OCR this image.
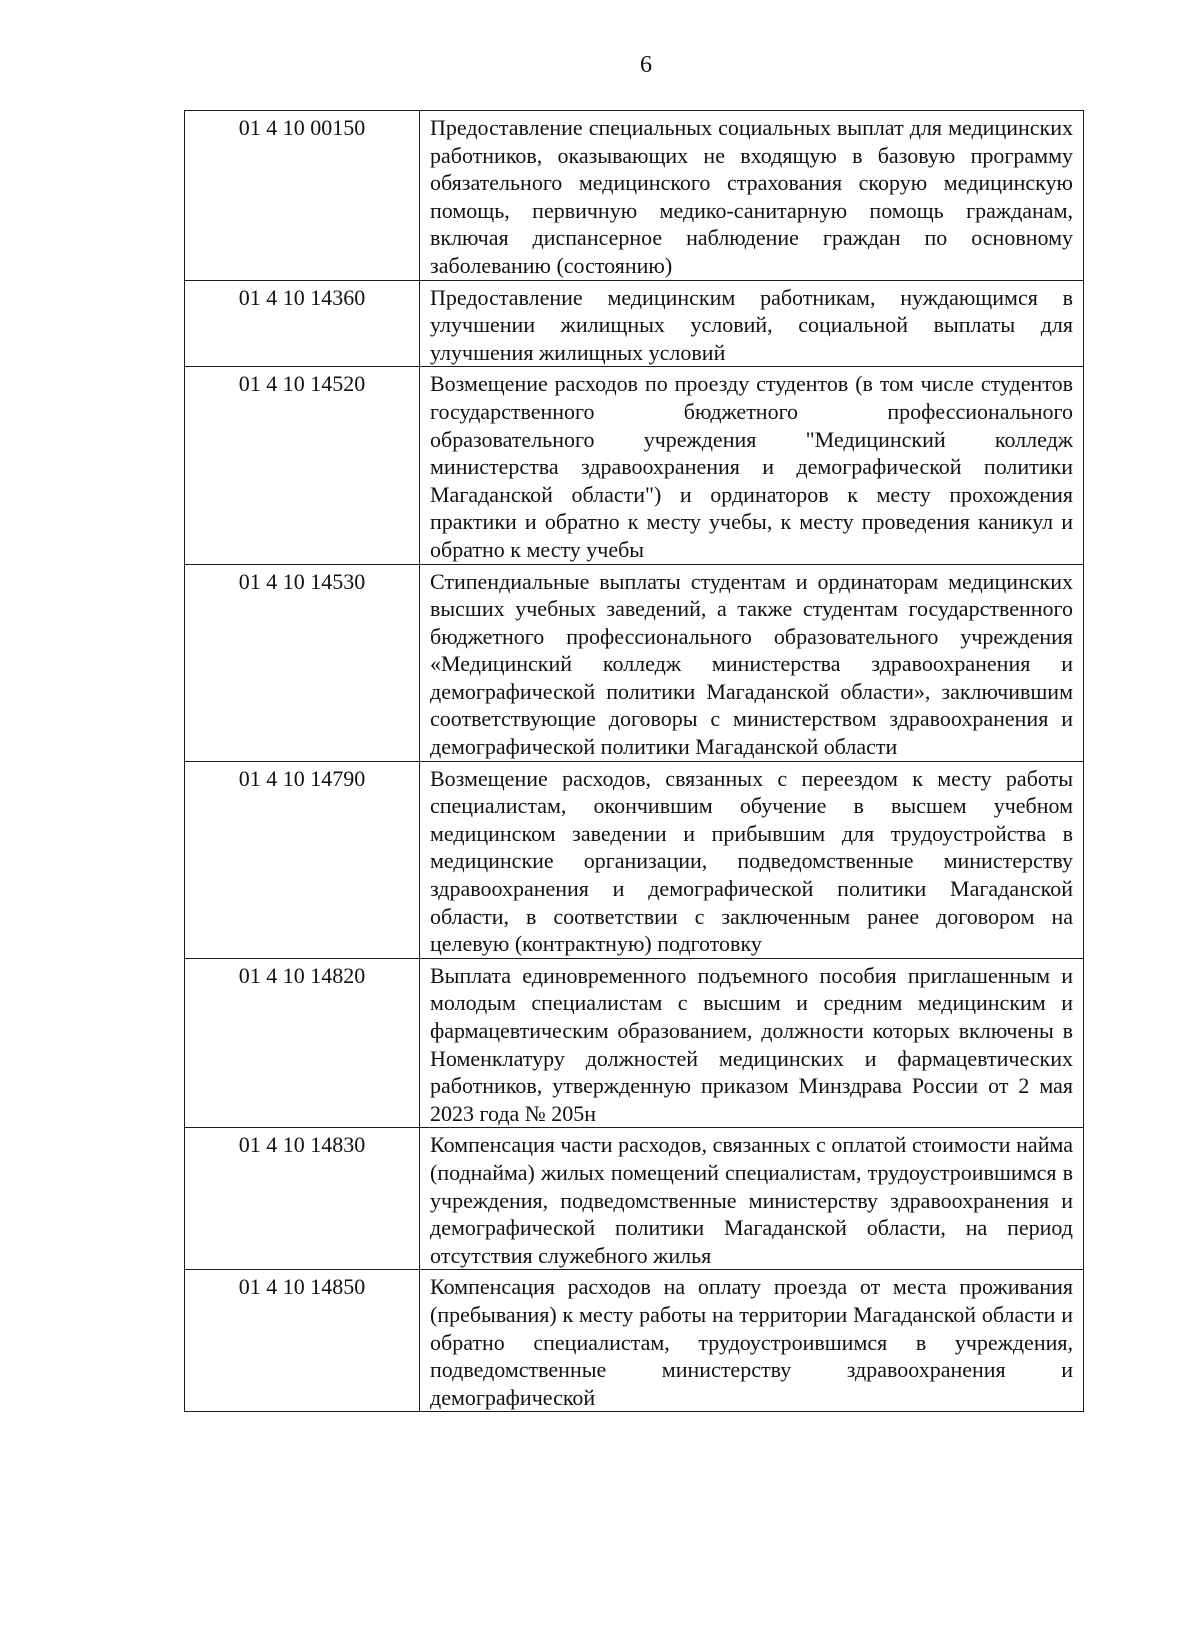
6
01 4 10 00150	Предоставление специальных социальных выплат для медицинских работников, оказывающих не входящую в базовую программу обязательного медицинского страхования скорую медицинскую помощь, первичную медико-санитарную помощь гражданам, включая диспансерное наблюдение граждан по основному заболеванию (состоянию)
01 4 10 14360	Предоставление медицинским работникам, нуждающимся в улучшении жилищных условий, социальной выплаты для улучшения жилищных условий
01 4 10 14520	Возмещение расходов по проезду студентов (в том числе студентов государственного бюджетного профессионального образовательного учреждения "Медицинский колледж министерства здравоохранения и демографической политики Магаданской области") и ординаторов к месту прохождения практики и обратно к месту учебы, к месту проведения каникул и обратно к месту учебы
01 4 10 14530	Стипендиальные выплаты студентам и ординаторам медицинских высших учебных заведений, а также студентам государственного бюджетного профессионального образовательного учреждения «Медицинский колледж министерства здравоохранения и демографической политики Магаданской области», заключившим соответствующие договоры с министерством здравоохранения и демографической политики Магаданской области
01 4 10 14790	Возмещение расходов, связанных с переездом к месту работы специалистам, окончившим обучение в высшем учебном медицинском заведении и прибывшим для трудоустройства в медицинские организации, подведомственные министерству здравоохранения и демографической политики Магаданской области, в соответствии с заключенным ранее договором на целевую (контрактную) подготовку
01 4 10 14820	Выплата единовременного подъемного пособия приглашенным и молодым специалистам с высшим и средним медицинским и фармацевтическим образованием, должности которых включены в Номенклатуру должностей медицинских и фармацевтических работников, утвержденную приказом Минздрава России от 2 мая 2023 года № 205н
01 4 10 14830	Компенсация части расходов, связанных с оплатой стоимости найма (поднайма) жилых помещений специалистам, трудоустроившимся в учреждения, подведомственные министерству здравоохранения и демографической политики Магаданской области, на период отсутствия служебного жилья
01 4 10 14850	Компенсация расходов на оплату проезда от места проживания (пребывания) к месту работы на территории Магаданской области и обратно специалистам, трудоустроившимся в учреждения, подведомственные министерству здравоохранения и демографической
